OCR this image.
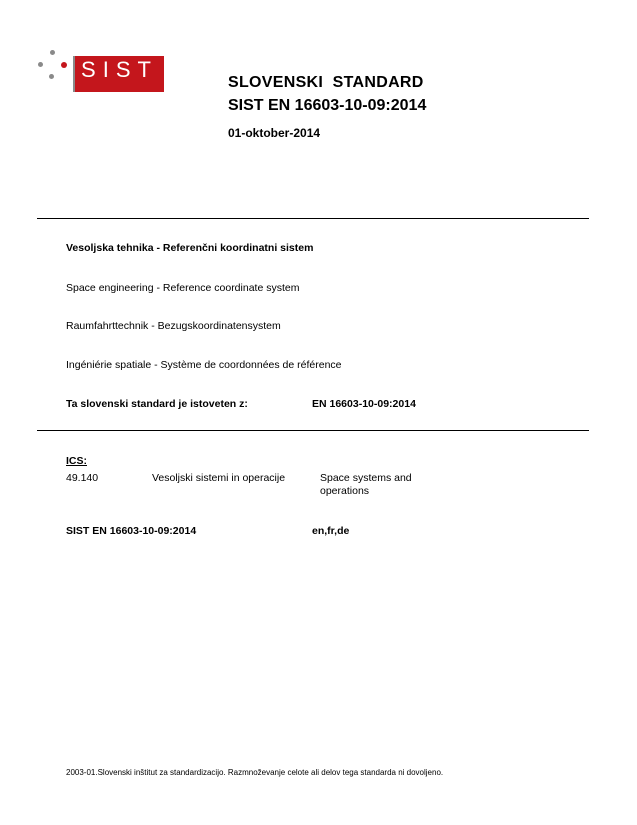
SIST
SLOVENSKI  STANDARD
SIST EN 16603-10-09:2014
01-oktober-2014
Vesoljska tehnika - Referenčni koordinatni sistem
Space engineering - Reference coordinate system
Raumfahrttechnik - Bezugskoordinatensystem
Ingéniérie spatiale - Système de coordonnées de référence
Ta slovenski standard je istoveten z:	EN 16603-10-09:2014
ICS:
49.140	Vesoljski sistemi in operacije	Space systems and
operations
SIST EN 16603-10-09:2014	en,fr,de
2003-01.Slovenski inštitut za standardizacijo. Razmnoževanje celote ali delov tega standarda ni dovoljeno.
